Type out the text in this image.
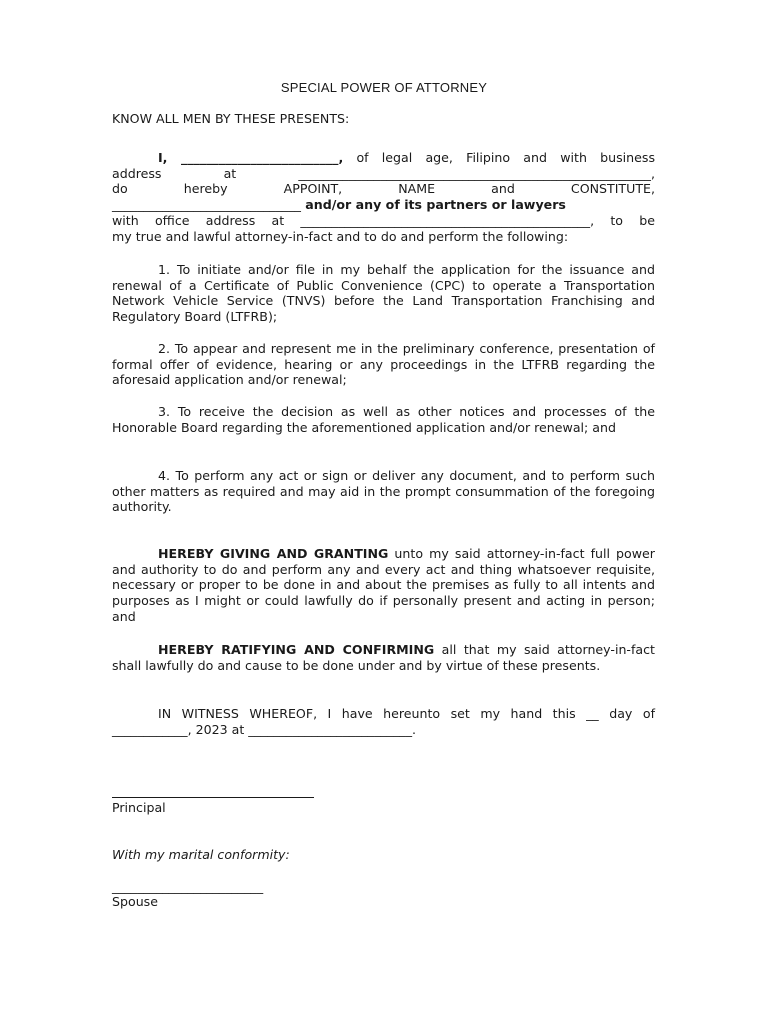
SPECIAL POWER OF ATTORNEY

KNOW ALL MEN BY THESE PRESENTS:

I, _________________________, of legal age, Filipino and with business
address at ________________________________________________________,
do hereby APPOINT, NAME and CONSTITUTE,
______________________________ and/or any of its partners or lawyers
with office address at ______________________________________________, to be
my true and lawful attorney-in-fact and to do and perform the following:

1. To initiate and/or file in my behalf the application for the issuance and renewal of a Certificate of Public Convenience (CPC) to operate a Transportation Network Vehicle Service (TNVS) before the Land Transportation Franchising and Regulatory Board (LTFRB);

2. To appear and represent me in the preliminary conference, presentation of formal offer of evidence, hearing or any proceedings in the LTFRB regarding the aforesaid application and/or renewal;

3. To receive the decision as well as other notices and processes of the Honorable Board regarding the aforementioned application and/or renewal; and

4. To perform any act or sign or deliver any document, and to perform such other matters as required and may aid in the prompt consummation of the foregoing authority.

HEREBY GIVING AND GRANTING unto my said attorney-in-fact full power and authority to do and perform any and every act and thing whatsoever requisite, necessary or proper to be done in and about the premises as fully to all intents and purposes as I might or could lawfully do if personally present and acting in person; and

HEREBY RATIFYING AND CONFIRMING all that my said attorney-in-fact shall lawfully do and cause to be done under and by virtue of these presents.

IN WITNESS WHEREOF, I have hereunto set my hand this __ day of ____________, 2023 at __________________________.

Principal

With my marital conformity:

________________________

Spouse
